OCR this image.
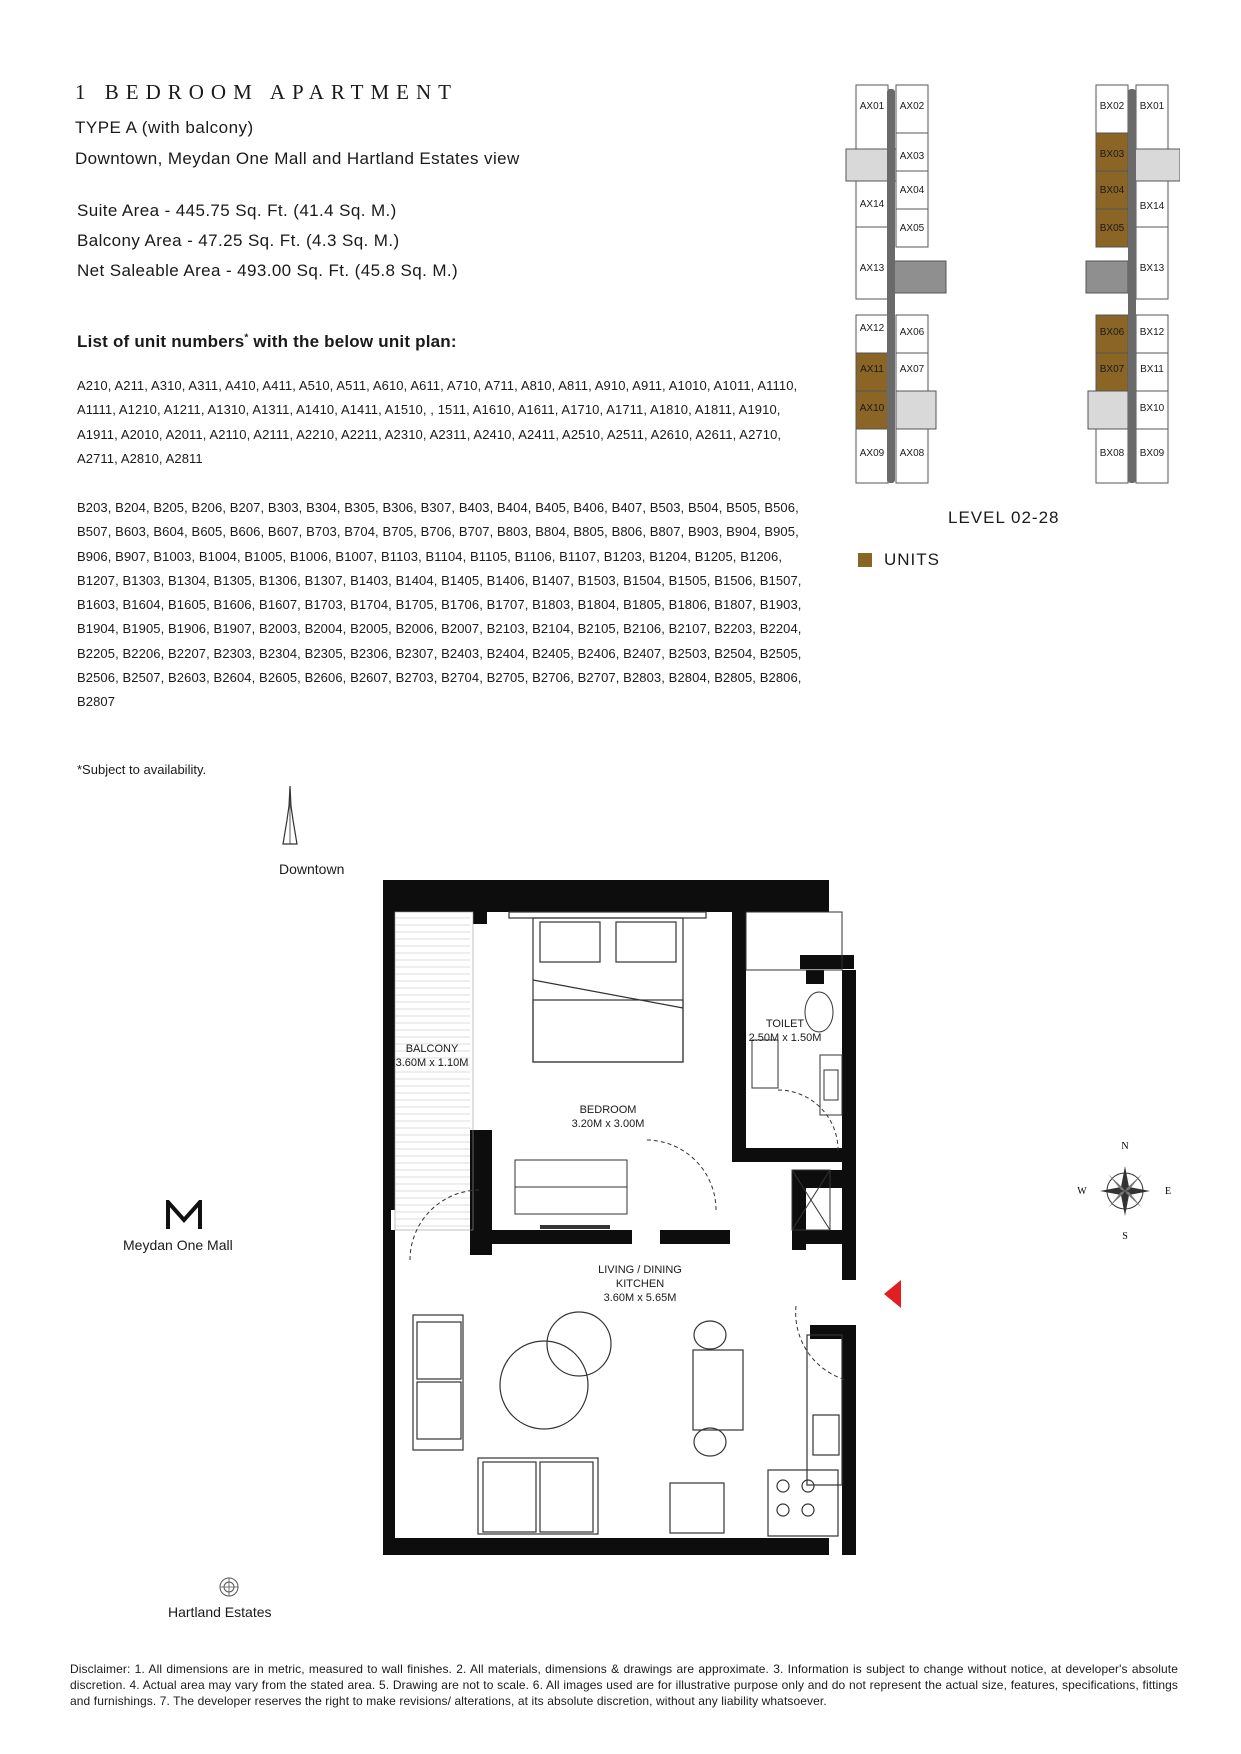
1 BEDROOM APARTMENT
TYPE A (with balcony)
Downtown, Meydan One Mall and Hartland Estates view
Suite Area - 445.75 Sq. Ft. (41.4 Sq. M.)
Balcony Area - 47.25 Sq. Ft. (4.3 Sq. M.)
Net Saleable Area - 493.00 Sq. Ft. (45.8 Sq. M.)
List of unit numbers* with the below unit plan:
A210, A211, A310, A311, A410, A411, A510, A511, A610, A611, A710, A711, A810, A811, A910, A911, A1010, A1011, A1110, A1111, A1210, A1211, A1310, A1311, A1410, A1411, A1510, , 1511, A1610, A1611, A1710, A1711, A1810, A1811, A1910, A1911, A2010, A2011, A2110, A2111, A2210, A2211, A2310, A2311, A2410, A2411, A2510, A2511, A2610, A2611, A2710, A2711, A2810, A2811
B203, B204, B205, B206, B207, B303, B304, B305, B306, B307, B403, B404, B405, B406, B407, B503, B504, B505, B506, B507, B603, B604, B605, B606, B607, B703, B704, B705, B706, B707, B803, B804, B805, B806, B807, B903, B904, B905, B906, B907, B1003, B1004, B1005, B1006, B1007, B1103, B1104, B1105, B1106, B1107, B1203, B1204, B1205, B1206, B1207, B1303, B1304, B1305, B1306, B1307, B1403, B1404, B1405, B1406, B1407, B1503, B1504, B1505, B1506, B1507, B1603, B1604, B1605, B1606, B1607, B1703, B1704, B1705, B1706, B1707, B1803, B1804, B1805, B1806, B1807, B1903, B1904, B1905, B1906, B1907, B2003, B2004, B2005, B2006, B2007, B2103, B2104, B2105, B2106, B2107, B2203, B2204, B2205, B2206, B2207, B2303, B2304, B2305, B2306, B2307, B2403, B2404, B2405, B2406, B2407, B2503, B2504, B2505, B2506, B2507, B2603, B2604, B2605, B2606, B2607, B2703, B2704, B2705, B2706, B2707, B2803, B2804, B2805, B2806, B2807
*Subject to availability.
AX01 AX02
AX03
AX04
AX05
AX06
AX07
AX08
AX09
AX10
AX11
AX12
AX13
AX14
BX01
BX02
BX03
BX04
BX05
BX06
BX07
BX08 BX09
BX10
BX11
BX12
BX13
BX14
LEVEL 02-28
UNITS
Downtown
Meydan One Mall
Hartland Estates
N
S
E
W
BALCONY
3.60M x 1.10M
BEDROOM
3.20M x 3.00M
TOILET
2.50M x 1.50M
LIVING / DINING
KITCHEN
3.60M x 5.65M
Disclaimer: 1. All dimensions are in metric, measured to wall finishes. 2. All materials, dimensions & drawings are approximate. 3. Information is subject to change without notice, at developer's absolute discretion. 4. Actual area may vary from the stated area. 5. Drawing are not to scale. 6. All images used are for illustrative purpose only and do not represent the actual size, features, specifications, fittings and furnishings. 7. The developer reserves the right to make revisions/ alterations, at its absolute discretion, without any liability whatsoever.
